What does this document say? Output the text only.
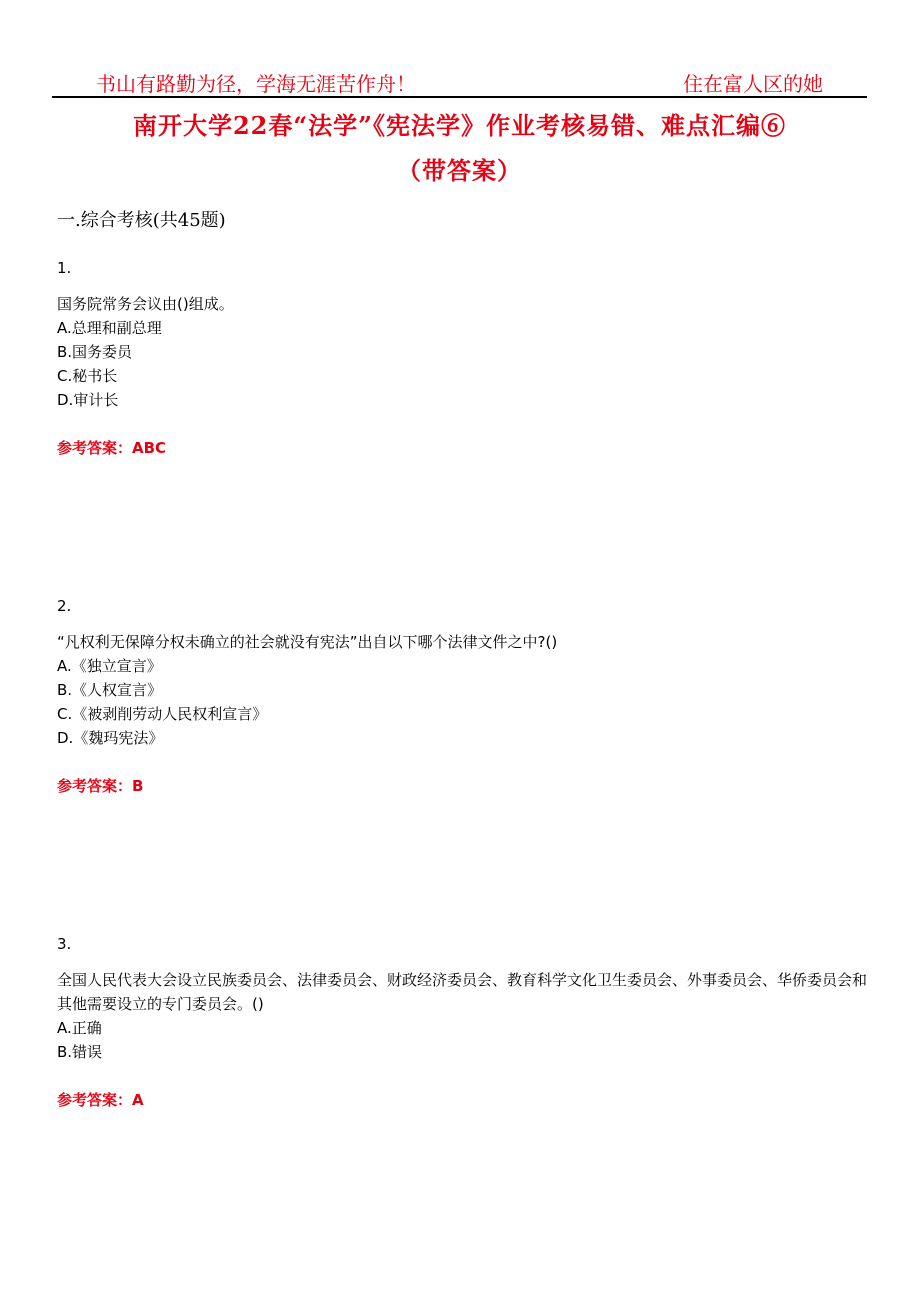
书山有路勤为径，学海无涯苦作舟！	住在富人区的她
南开大学22春“法学”《宪法学》作业考核易错、难点汇编⑥
（带答案）
一.综合考核(共45题)
1.

国务院常务会议由()组成。

A.总理和副总理

B.国务委员

C.秘书长

D.审计长

参考答案：ABC
2.

“凡权利无保障分权未确立的社会就没有宪法”出自以下哪个法律文件之中?()

A.《独立宣言》

B.《人权宣言》

C.《被剥削劳动人民权利宣言》

D.《魏玛宪法》

参考答案：B
3.

全国人民代表大会设立民族委员会、法律委员会、财政经济委员会、教育科学文化卫生委员会、外事委员会、华侨委员会和其他需要设立的专门委员会。()

A.正确

B.错误

参考答案：A
